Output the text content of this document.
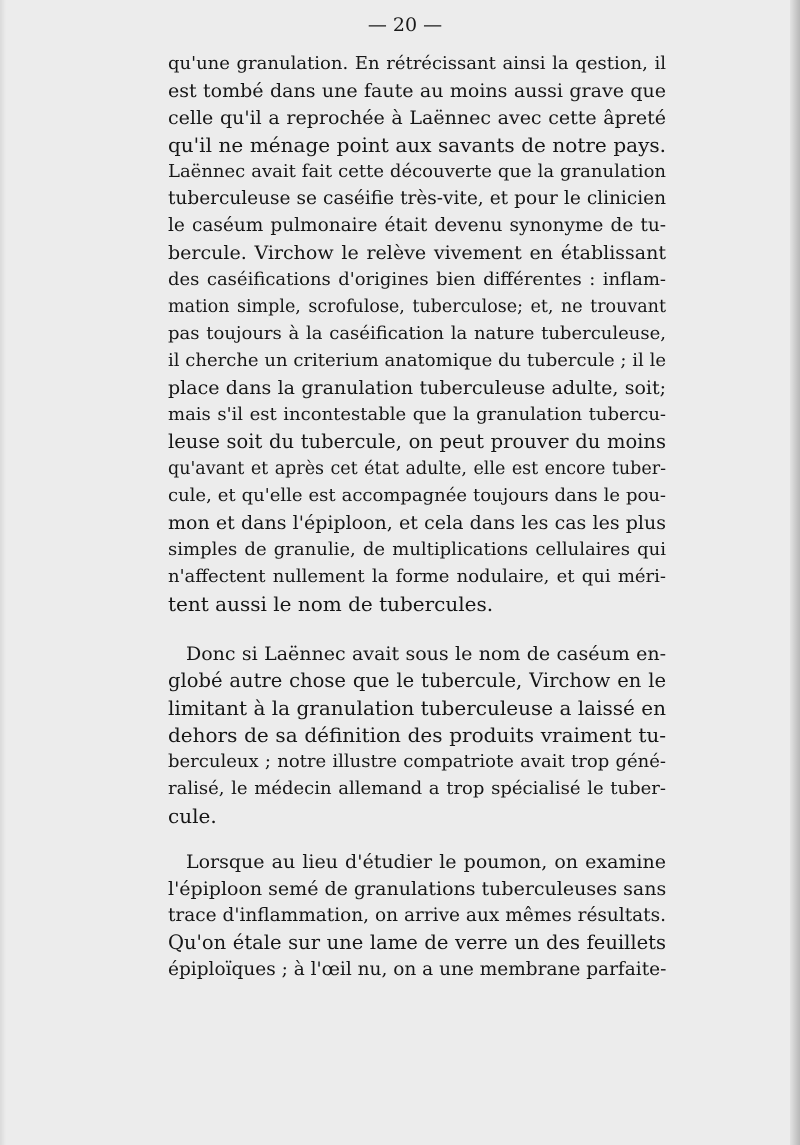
— 20 —
qu'une granulation. En rétrécissant ainsi la qestion, il
est tombé dans une faute au moins aussi grave que
celle qu'il a reprochée à Laënnec avec cette âpreté
qu'il ne ménage point aux savants de notre pays.
Laënnec avait fait cette découverte que la granulation
tuberculeuse se caséifie très-vite, et pour le clinicien
le caséum pulmonaire était devenu synonyme de tu-
bercule. Virchow le relève vivement en établissant
des caséifications d'origines bien différentes : inflam-
mation simple, scrofulose, tuberculose; et, ne trouvant
pas toujours à la caséification la nature tuberculeuse,
il cherche un criterium anatomique du tubercule ; il le
place dans la granulation tuberculeuse adulte, soit;
mais s'il est incontestable que la granulation tubercu-
leuse soit du tubercule, on peut prouver du moins
qu'avant et après cet état adulte, elle est encore tuber-
cule, et qu'elle est accompagnée toujours dans le pou-
mon et dans l'épiploon, et cela dans les cas les plus
simples de granulie, de multiplications cellulaires qui
n'affectent nullement la forme nodulaire, et qui méri-
tent aussi le nom de tubercules.
Donc si Laënnec avait sous le nom de caséum en-
globé autre chose que le tubercule, Virchow en le
limitant à la granulation tuberculeuse a laissé en
dehors de sa définition des produits vraiment tu-
berculeux ; notre illustre compatriote avait trop géné-
ralisé, le médecin allemand a trop spécialisé le tuber-
cule.
Lorsque au lieu d'étudier le poumon, on examine
l'épiploon semé de granulations tuberculeuses sans
trace d'inflammation, on arrive aux mêmes résultats.
Qu'on étale sur une lame de verre un des feuillets
épiploïques ; à l'œil nu, on a une membrane parfaite-
